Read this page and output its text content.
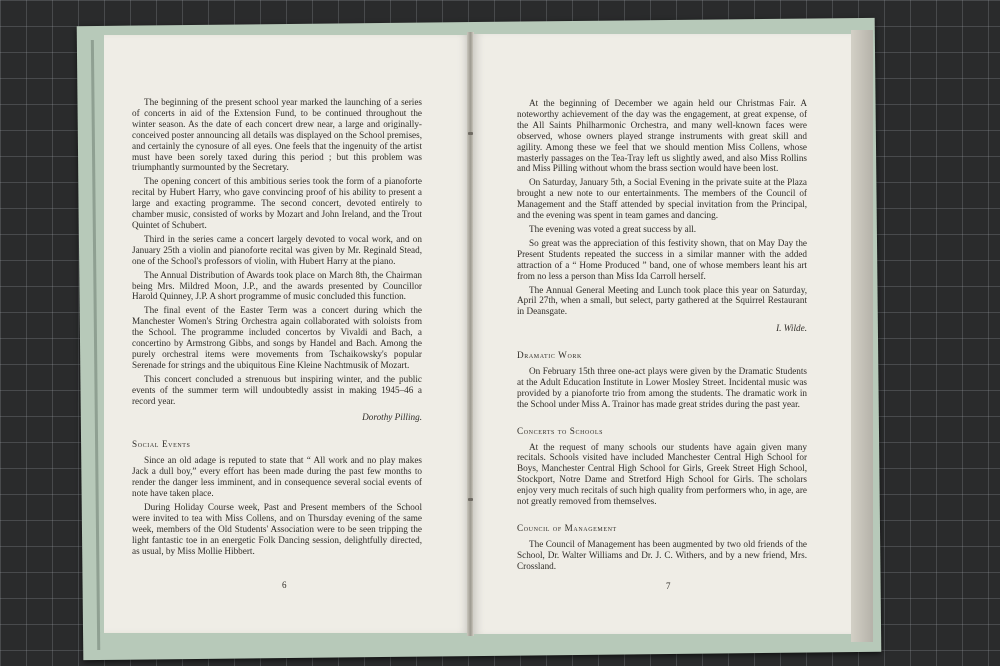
The beginning of the present school year marked the launching of a series of concerts in aid of the Extension Fund, to be continued throughout the winter season. As the date of each concert drew near, a large and originally-conceived poster announcing all details was displayed on the School premises, and certainly the cynosure of all eyes. One feels that the ingenuity of the artist must have been sorely taxed during this period ; but this problem was triumphantly surmounted by the Secretary.

The opening concert of this ambitious series took the form of a pianoforte recital by Hubert Harry, who gave convincing proof of his ability to present a large and exacting programme. The second concert, devoted entirely to chamber music, consisted of works by Mozart and John Ireland, and the Trout Quintet of Schubert.

Third in the series came a concert largely devoted to vocal work, and on January 25th a violin and pianoforte recital was given by Mr. Reginald Stead, one of the School's professors of violin, with Hubert Harry at the piano.

The Annual Distribution of Awards took place on March 8th, the Chairman being Mrs. Mildred Moon, J.P., and the awards presented by Councillor Harold Quinney, J.P. A short programme of music concluded this function.

The final event of the Easter Term was a concert during which the Manchester Women's String Orchestra again collaborated with soloists from the School. The programme included concertos by Vivaldi and Bach, a concertino by Armstrong Gibbs, and songs by Handel and Bach. Among the purely orchestral items were movements from Tschaikowsky's popular Serenade for strings and the ubiquitous Eine Kleine Nachtmusik of Mozart.

This concert concluded a strenuous but inspiring winter, and the public events of the summer term will undoubtedly assist in making 1945–46 a record year.

Dorothy Pilling.
Social Events

Since an old adage is reputed to state that “ All work and no play makes Jack a dull boy,” every effort has been made during the past few months to render the danger less imminent, and in consequence several social events of note have taken place.

During Holiday Course week, Past and Present members of the School were invited to tea with Miss Collens, and on Thursday evening of the same week, members of the Old Students' Association were to be seen tripping the light fantastic toe in an energetic Folk Dancing session, delightfully directed, as usual, by Miss Mollie Hibbert.

6

At the beginning of December we again held our Christmas Fair. A noteworthy achievement of the day was the engagement, at great expense, of the All Saints Philharmonic Orchestra, and many well-known faces were observed, whose owners played strange instruments with great skill and agility. Among these we feel that we should mention Miss Collens, whose masterly passages on the Tea-Tray left us slightly awed, and also Miss Rollins and Miss Pilling without whom the brass section would have been lost.

On Saturday, January 5th, a Social Evening in the private suite at the Plaza brought a new note to our entertainments. The members of the Council of Management and the Staff attended by special invitation from the Principal, and the evening was spent in team games and dancing.

The evening was voted a great success by all.

So great was the appreciation of this festivity shown, that on May Day the Present Students repeated the success in a similar manner with the added attraction of a “ Home Produced ” band, one of whose members leant his art from no less a person than Miss Ida Carroll herself.

The Annual General Meeting and Lunch took place this year on Saturday, April 27th, when a small, but select, party gathered at the Squirrel Restaurant in Deansgate.

I. Wilde.
Dramatic Work

On February 15th three one-act plays were given by the Dramatic Students at the Adult Education Institute in Lower Mosley Street. Incidental music was provided by a pianoforte trio from among the students. The dramatic work in the School under Miss A. Trainor has made great strides during the past year.

Concerts to Schools

At the request of many schools our students have again given many recitals. Schools visited have included Manchester Central High School for Boys, Manchester Central High School for Girls, Greek Street High School, Stockport, Notre Dame and Stretford High School for Girls. The scholars enjoy very much recitals of such high quality from performers who, in age, are not greatly removed from themselves.

Council of Management

The Council of Management has been augmented by two old friends of the School, Dr. Walter Williams and Dr. J. C. Withers, and by a new friend, Mrs. Crossland.

7
